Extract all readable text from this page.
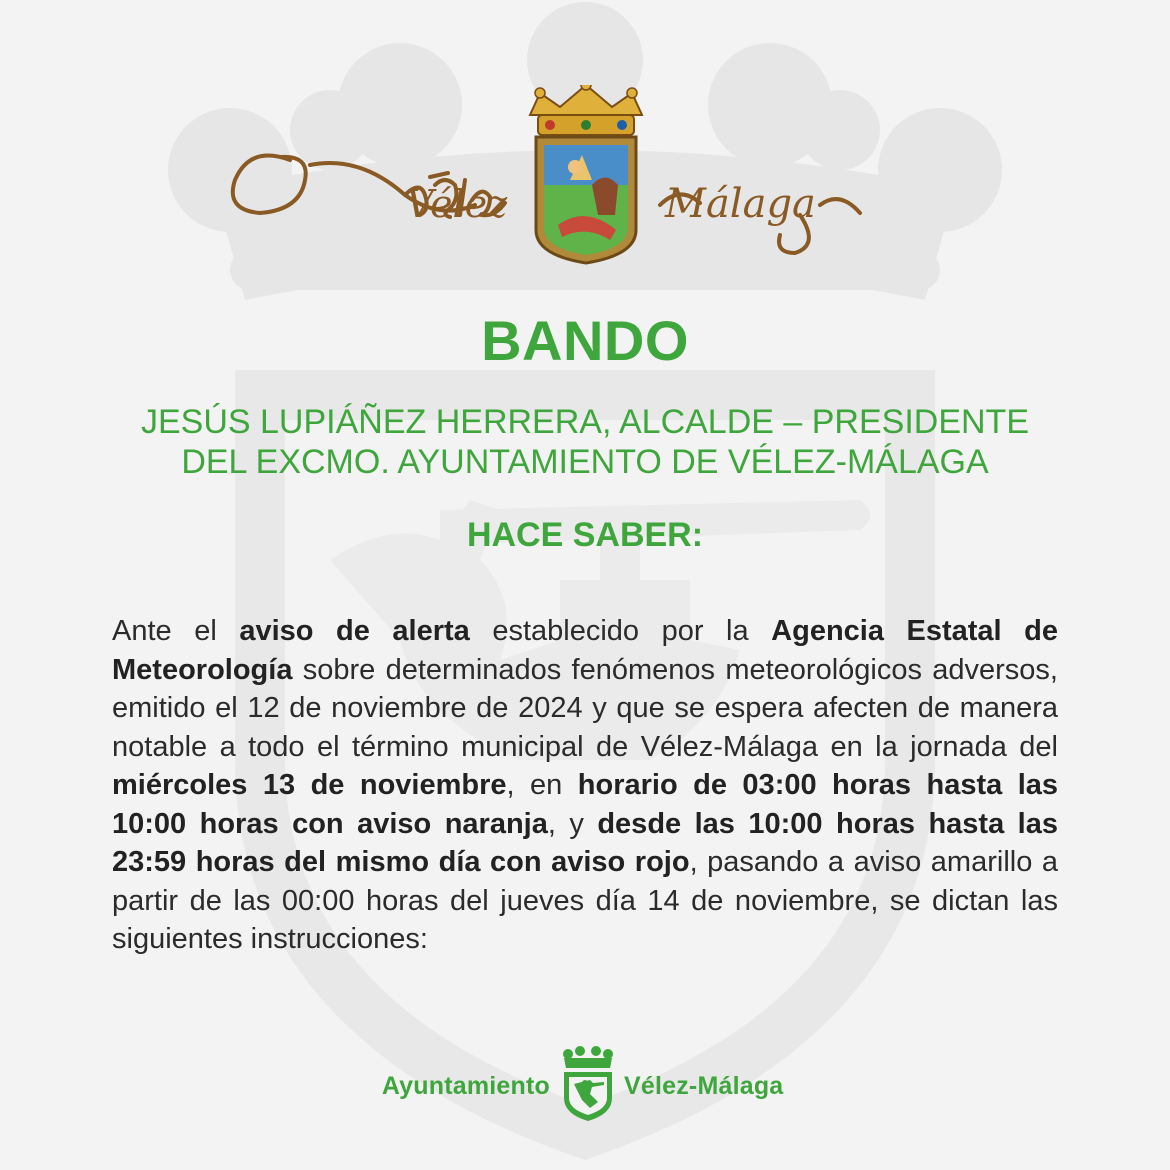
Vélez	Málaga
BANDO
JESÚS LUPIÁÑEZ HERRERA, ALCALDE – PRESIDENTE
DEL EXCMO. AYUNTAMIENTO DE VÉLEZ-MÁLAGA
HACE SABER:
Ante el aviso de alerta establecido por la Agencia Estatal de Meteorología sobre determinados fenómenos meteorológicos adversos, emitido el 12 de noviembre de 2024 y que se espera afecten de manera notable a todo el término municipal de Vélez-Málaga en la jornada del miércoles 13 de noviembre, en horario de 03:00 horas hasta las 10:00 horas con aviso naranja, y desde las 10:00 horas hasta las 23:59 horas del mismo día con aviso rojo, pasando a aviso amarillo a partir de las 00:00 horas del jueves día 14 de noviembre, se dictan las siguientes instrucciones:
Ayuntamiento	Vélez-Málaga
